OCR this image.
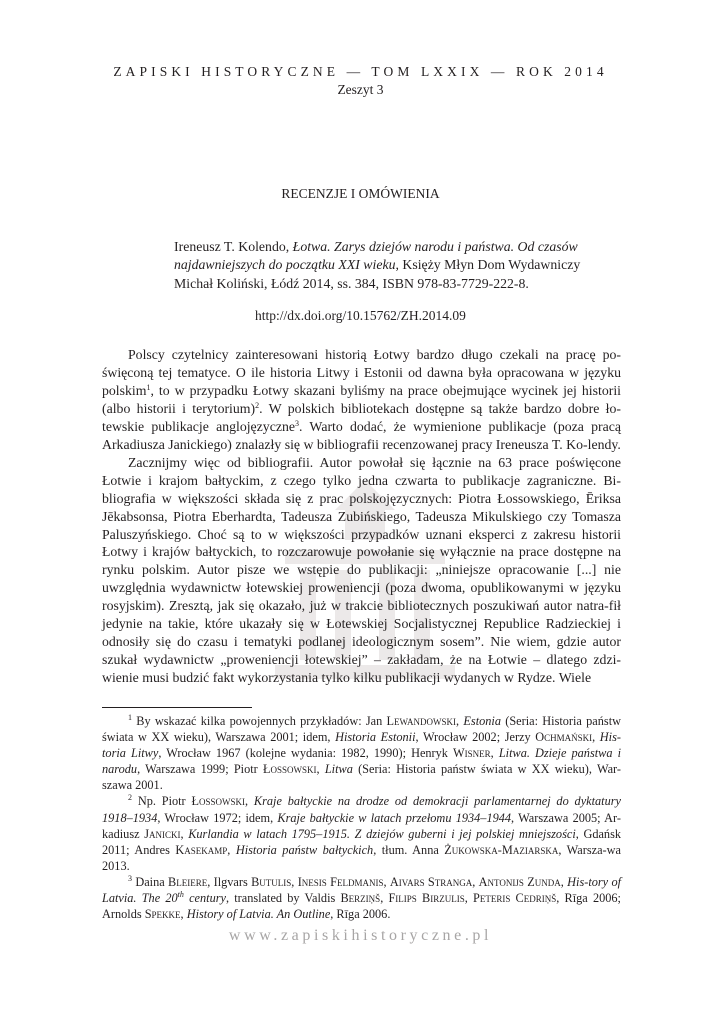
ZAPISKI HISTORYCZNE — TOM LXXIX — ROK 2014
Zeszyt 3
RECENZJE I OMÓWIENIA
Ireneusz T. Kolendo, Łotwa. Zarys dziejów narodu i państwa. Od czasów najdawniejszych do początku XXI wieku, Księży Młyn Dom Wydawniczy Michał Koliński, Łódź 2014, ss. 384, ISBN 978-83-7729-222-8.
http://dx.doi.org/10.15762/ZH.2014.09

Polscy czytelnicy zainteresowani historią Łotwy bardzo długo czekali na pracę po-święconą tej tematyce. O ile historia Litwy i Estonii od dawna była opracowana w języku polskim$^1$, to w przypadku Łotwy skazani byliśmy na prace obejmujące wycinek jej historii (albo historii i terytorium)$^2$. W polskich bibliotekach dostępne są także bardzo dobre ło-tewskie publikacje anglojęzyczne$^3$. Warto dodać, że wymienione publikacje (poza pracą Arkadiusza Janickiego) znalazły się w bibliografii recenzowanej pracy Ireneusza T. Ko-lendy.

Zacznijmy więc od bibliografii. Autor powołał się łącznie na 63 prace poświęcone Łotwie i krajom bałtyckim, z czego tylko jedna czwarta to publikacje zagraniczne. Bi-bliografia w większości składa się z prac polskojęzycznych: Piotra Łossowskiego, Ēriksa Jēkabsonsa, Piotra Eberhardta, Tadeusza Zubińskiego, Tadeusza Mikulskiego czy Tomasza Paluszyńskiego. Choć są to w większości przypadków uznani eksperci z zakresu historii Łotwy i krajów bałtyckich, to rozczarowuje powołanie się wyłącznie na prace dostępne na rynku polskim. Autor pisze we wstępie do publikacji: „niniejsze opracowanie [...] nie uwzględnia wydawnictw łotewskiej proweniencji (poza dwoma, opublikowanymi w języku rosyjskim). Zresztą, jak się okazało, już w trakcie bibliotecznych poszukiwań autor natra-fił jedynie na takie, które ukazały się w Łotewskiej Socjalistycznej Republice Radzieckiej i odnosiły się do czasu i tematyki podlanej ideologicznym sosem”. Nie wiem, gdzie autor szukał wydawnictw „proweniencji łotewskiej” – zakładam, że na Łotwie – dlatego zdzi-wienie musi budzić fakt wykorzystania tylko kilku publikacji wydanych w Rydze. Wiele

$^1$ By wskazać kilka powojennych przykładów: Jan Lewandowski, Estonia (Seria: Historia państw świata w XX wieku), Warszawa 2001; idem, Historia Estonii, Wrocław 2002; Jerzy Ochmański, His-toria Litwy, Wrocław 1967 (kolejne wydania: 1982, 1990); Henryk Wisner, Litwa. Dzieje państwa i narodu, Warszawa 1999; Piotr Łossowski, Litwa (Seria: Historia państw świata w XX wieku), War-szawa 2001.

$^2$ Np. Piotr Łossowski, Kraje bałtyckie na drodze od demokracji parlamentarnej do dyktatury 1918–1934, Wrocław 1972; idem, Kraje bałtyckie w latach przełomu 1934–1944, Warszawa 2005; Ar-kadiusz Janicki, Kurlandia w latach 1795–1915. Z dziejów guberni i jej polskiej mniejszości, Gdańsk 2011; Andres Kasekamp, Historia państw bałtyckich, tłum. Anna Żukowska-Maziarska, Warsza-wa 2013.

$^3$ Daina Bleiere, Ilgvars Butulis, Inesis Feldmanis, Aivars Stranga, Antonijs Zunda, His-tory of Latvia. The 20th century, translated by Valdis Berziņš, Filips Birzulis, Peteris Cedriņš, Rīga 2006; Arnolds Spekke, History of Latvia. An Outline, Rīga 2006.

www.zapiskihistoryczne.pl
